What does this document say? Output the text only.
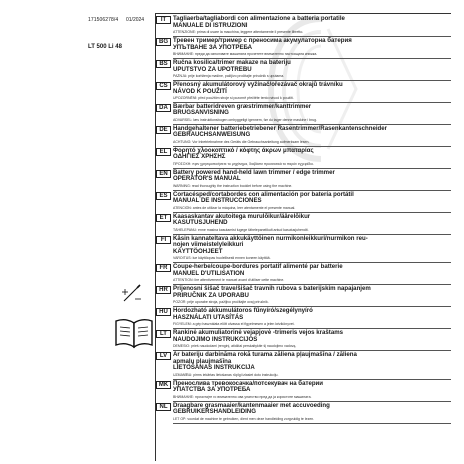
171506278/4 01/2024
LT 500 Li 48
IT	Tagliaerba/tagliabordi con alimentazione a batteria portatile
MANUALE DI ISTRUZIONI
ATTENZIONE: prima di usare la macchina, leggere attentamente il presente libretto.
BG Тревен тример/тример с преносима акумулаторна батерия
УПЪТВАНЕ ЗА УПОТРЕБА
ВНИМАНИЕ: преди да използвате машината прочетете внимателно настоящата книжка.
BS Ručna kosilica/trimer makaze na bateriju
UPUTSTVO ZA UPOTREBU
PAŽNJA: prije korištenja mašine, pažljivo pročitajte priručnik s uputama.
CS Přenosný akumulátorový vyžínač/ořezávač okrajů trávníku
NÁVOD K POUŽITÍ
UPOZORNĚNÍ: před použitím stroje si pozorně přečtěte tento návod k použití.
DA Bærbar batteridreven græstrimmer/kanttrimmer
BRUGSANVISNING
ADVARSEL: læs instruktionsbogen omhyggeligt igennem, før du tager denne maskine i brug.
DE Handgehaltener batteriebetriebener Rasentrimmer/Rasenkantenschneider
GEBRAUCHSANWEISUNG
ACHTUNG: Vor Inbetriebnahme des Geräts die Gebrauchsanleitung aufmerksam lesen.
EL Φορητό χλοοκοπτικό / κόφτης άκρων μπαταρίας
ΟΔΗΓΙΕΣ ΧΡΗΣΗΣ
ΠΡΟΣΟΧΗ: πριν χρησιμοποιήσετε το μηχάνημα, διαβάστε προσεκτικά το παρόν εγχειρίδιο.
EN Battery powered hand-held lawn trimmer / edge trimmer
OPERATOR'S MANUAL
WARNING: read thoroughly the instruction booklet before using the machine.
ES Cortacésped/cortabordes con alimentación por batería portátil
MANUAL DE INSTRUCCIONES
ATENCIÓN: antes de utilizar la máquina, leer atentamente el presente manual.
ET Kaasaskantav akutoitega murulõikur/äärelõikur
KASUTUSJUHEND
TÄHELEPANU: enne masina kasutamist lugege tähelepanelikult antud kasutusjuhendit.
FI	Käsin kannateltava akkukäyttöinen nurmikonleikkuri/nurmikon reu-
nojen viimeistelyleikkuri
KÄYTTÖOHJEET
VAROITUS: lue käyttöopas huolellisesti ennen koneen käyttöä.
FR Coupe-herbe/coupe-bordures portatif alimenté par batterie
MANUEL D'UTILISATION
ATTENTION: lire attentivement le manuel avant d'utiliser cette machine.
HR Prijenosni šišač trave/šišač travnih rubova s baterijskim napajanjem
PRIRUČNIK ZA UPORABU
POZOR: prije uporabe stroja, pažljivo pročitajte ovaj priručnik.
HU Hordozható akkumulátoros fűnyíró/szegélynyíró
HASZNÁLATI UTASÍTÁS
FIGYELEM: a gép használata előtt olvassa el figyelmesen a jelen kézikönyvet.
LT Rankinė akumuliatorinė vejapjovė -trimeris vejos kraštams
NAUDOJIMO INSTRUKCIJOS
DĖMESIO: prieš naudodami įrenginį, atidžiai perskaitykite šį naudojimo vadovą.
LV Ar bateriju darbināma rokā turama zāliena pļaujmašīna / zāliena
apmaļu pļaujmašīna
LIETOŠANAS INSTRUKCIJA
UZMANĪBU: pirms iekārtas lietošanas rūpīgi izlasiet doto instrukciju.
MK Пренослива тревокосачка/потсекувач на батерии
УПАТСТВА ЗА УПОТРЕБА
ВНИМАНИЕ: прочитајте го внимателно ова упатство пред да ја користите машината.
NL Draagbare grasmaaier/kantenmaaier met accuvoeding
GEBRUIKERSHANDLEIDING
LET OP: voordat de machine te gebruiken, dient men deze handleiding zorgvuldig te lezen.
